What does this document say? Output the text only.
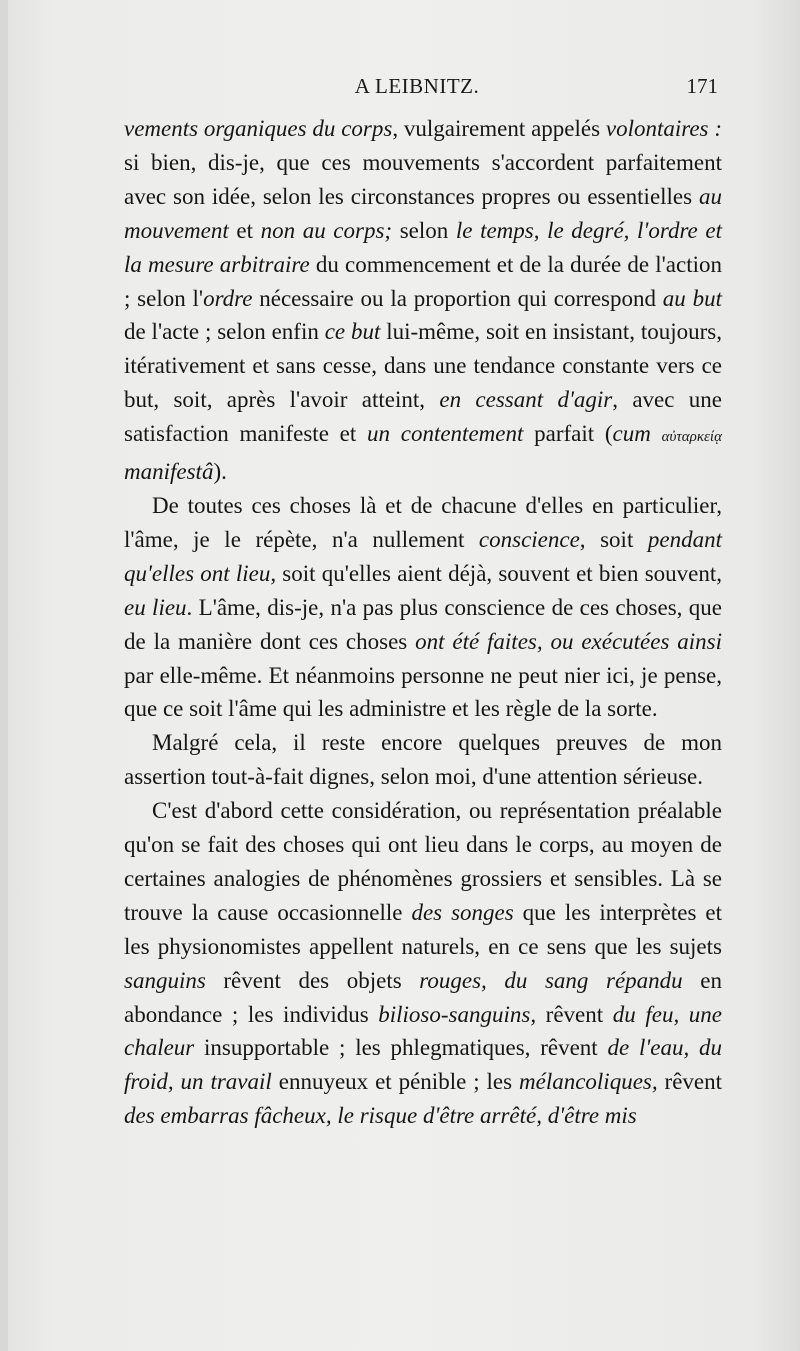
A LEIBNITZ.	171

vements organiques du corps, vulgairement appelés volontaires : si bien, dis-je, que ces mouvements s'accordent parfaitement avec son idée, selon les circonstances propres ou essentielles au mouvement et non au corps; selon le temps, le degré, l'ordre et la mesure arbitraire du commencement et de la durée de l'action ; selon l'ordre nécessaire ou la proportion qui correspond au but de l'acte ; selon enfin ce but lui-même, soit en insistant, toujours, itérativement et sans cesse, dans une tendance constante vers ce but, soit, après l'avoir atteint, en cessant d'agir, avec une satisfaction manifeste et un contentement parfait (cum αὐταρκείᾳ manifestâ).

De toutes ces choses là et de chacune d'elles en particulier, l'âme, je le répète, n'a nullement conscience, soit pendant qu'elles ont lieu, soit qu'elles aient déjà, souvent et bien souvent, eu lieu. L'âme, dis-je, n'a pas plus conscience de ces choses, que de la manière dont ces choses ont été faites, ou exécutées ainsi par elle-même. Et néanmoins personne ne peut nier ici, je pense, que ce soit l'âme qui les administre et les règle de la sorte.

Malgré cela, il reste encore quelques preuves de mon assertion tout-à-fait dignes, selon moi, d'une attention sérieuse.

C'est d'abord cette considération, ou représentation préalable qu'on se fait des choses qui ont lieu dans le corps, au moyen de certaines analogies de phénomènes grossiers et sensibles. Là se trouve la cause occasionnelle des songes que les interprètes et les physionomistes appellent naturels, en ce sens que les sujets sanguins rêvent des objets rouges, du sang répandu en abondance ; les individus bilioso-sanguins, rêvent du feu, une chaleur insupportable ; les phlegmatiques, rêvent de l'eau, du froid, un travail ennuyeux et pénible ; les mélancoliques, rêvent des embarras fâcheux, le risque d'être arrêté, d'être mis
